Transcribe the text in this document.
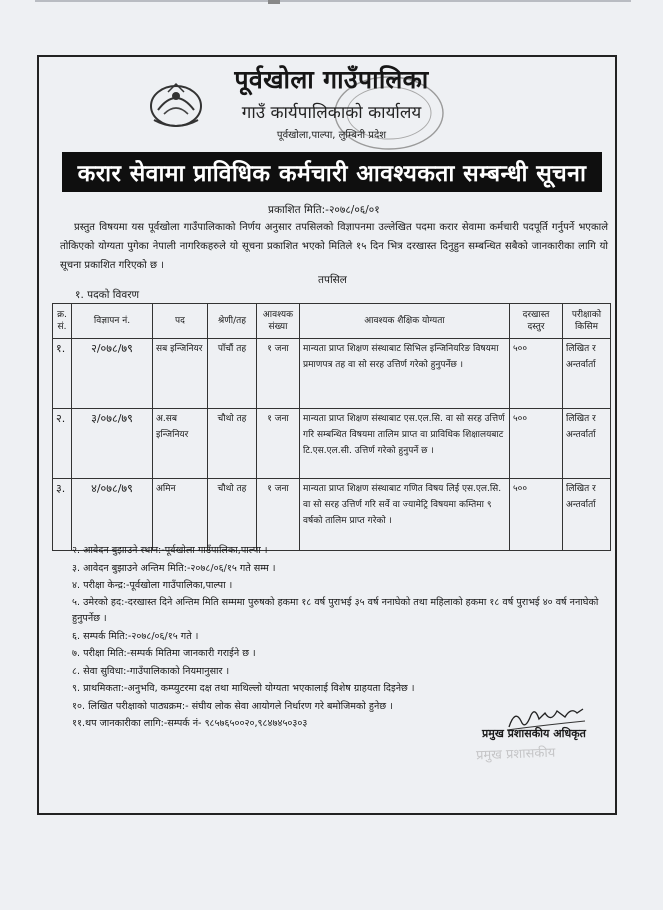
पूर्वखोला गाउँपालिका
गाउँ कार्यपालिकाको कार्यालय
पूर्वखोला,पाल्पा, लुम्बिनी प्रदेश
करार सेवामा प्राविधिक कर्मचारी आवश्यकता सम्बन्धी सूचना
प्रकाशित मिति:-२०७८/०६/०१
प्रस्तुत विषयमा यस पूर्वखोला गाउँपालिकाको निर्णय अनुसार तपसिलको विज्ञापनमा उल्लेखित पदमा करार सेवामा कर्मचारी पदपूर्ति गर्नुपर्ने भएकाले तोकिएको योग्यता पुगेका नेपाली नागरिकहरुले यो सूचना प्रकाशित भएको मितिले १५ दिन भित्र दरखास्त दिनुहुन सम्बन्धित सबैको जानकारीका लागि यो सूचना प्रकाशित गरिएको छ ।
तपसिल
१. पदको विवरण
क्र. सं.	विज्ञापन नं.	पद	श्रेणी/तह	आवश्यक संख्या	आवश्यक शैक्षिक योग्यता	दरखास्त दस्तुर	परीक्षाको किसिम
१.	२/०७८/७९	सब इन्जिनियर	पाँचौं तह	१ जना	मान्यता प्राप्त शिक्षण संस्थाबाट सिभिल इन्जिनियरिङ विषयमा प्रमाणपत्र तह वा सो सरह उत्तिर्ण गरेको हुनुपर्नेछ ।	५००	लिखित र अन्तर्वार्ता
२.	३/०७८/७९	अ.सब इन्जिनियर	चौथो तह	१ जना	मान्यता प्राप्त शिक्षण संस्थाबाट एस.एल.सि. वा सो सरह उत्तिर्ण गरि सम्बन्धित विषयमा तालिम प्राप्त वा प्राविधिक शिक्षालयबाट टि.एस.एल.सी. उत्तिर्ण गरेको हुनुपर्ने छ ।	५००	लिखित र अन्तर्वार्ता
३.	४/०७८/७९	अमिन	चौथो तह	१ जना	मान्यता प्राप्त शिक्षण संस्थाबाट गणित विषय लिई एस.एल.सि. वा सो सरह उत्तिर्ण गरि सर्वे वा ज्यामेट्रि विषयमा कम्तिमा ९ वर्षको तालिम प्राप्त गरेको ।	५००	लिखित र अन्तर्वार्ता
२. आवेदन बुझाउने स्थान:-पूर्वखोला गाउँपालिका,पाल्पा ।
३. आवेदन बुझाउने अन्तिम मिति:-२०७८/०६/१५ गते सम्म ।
४. परीक्षा केन्द्र:-पूर्वखोला गाउँपालिका,पाल्पा ।
५. उमेरको हद:-दरखास्त दिने अन्तिम मिति सम्ममा पुरुषको हकमा १८ वर्ष पुराभई ३५ वर्ष ननाघेको तथा महिलाको हकमा १८ वर्ष पुराभई ४० वर्ष ननाघेको हुनुपर्नेछ ।
६. सम्पर्क मिति:-२०७८/०६/१५ गते ।
७. परीक्षा मिति:-सम्पर्क मितिमा जानकारी गराईने छ ।
८. सेवा सुविधा:-गाउँपालिकाको नियमानुसार ।
९. प्राथमिकता:-अनुभवि, कम्प्युटरमा दक्ष तथा माथिल्लो योग्यता भएकालाई विशेष ग्राहयता दिइनेछ ।
१०. लिखित परीक्षाको पाठ्यक्रम:- संघीय लोक सेवा आयोगले निर्धारण गरे बमोजिमको हुनेछ ।
११.थप जानकारीका लागि:-सम्पर्क नं- ९८५७६५००२०,९८४७४५०३०३
प्रमुख प्रशासकीय अधिकृत
प्रमुख प्रशासकीय
